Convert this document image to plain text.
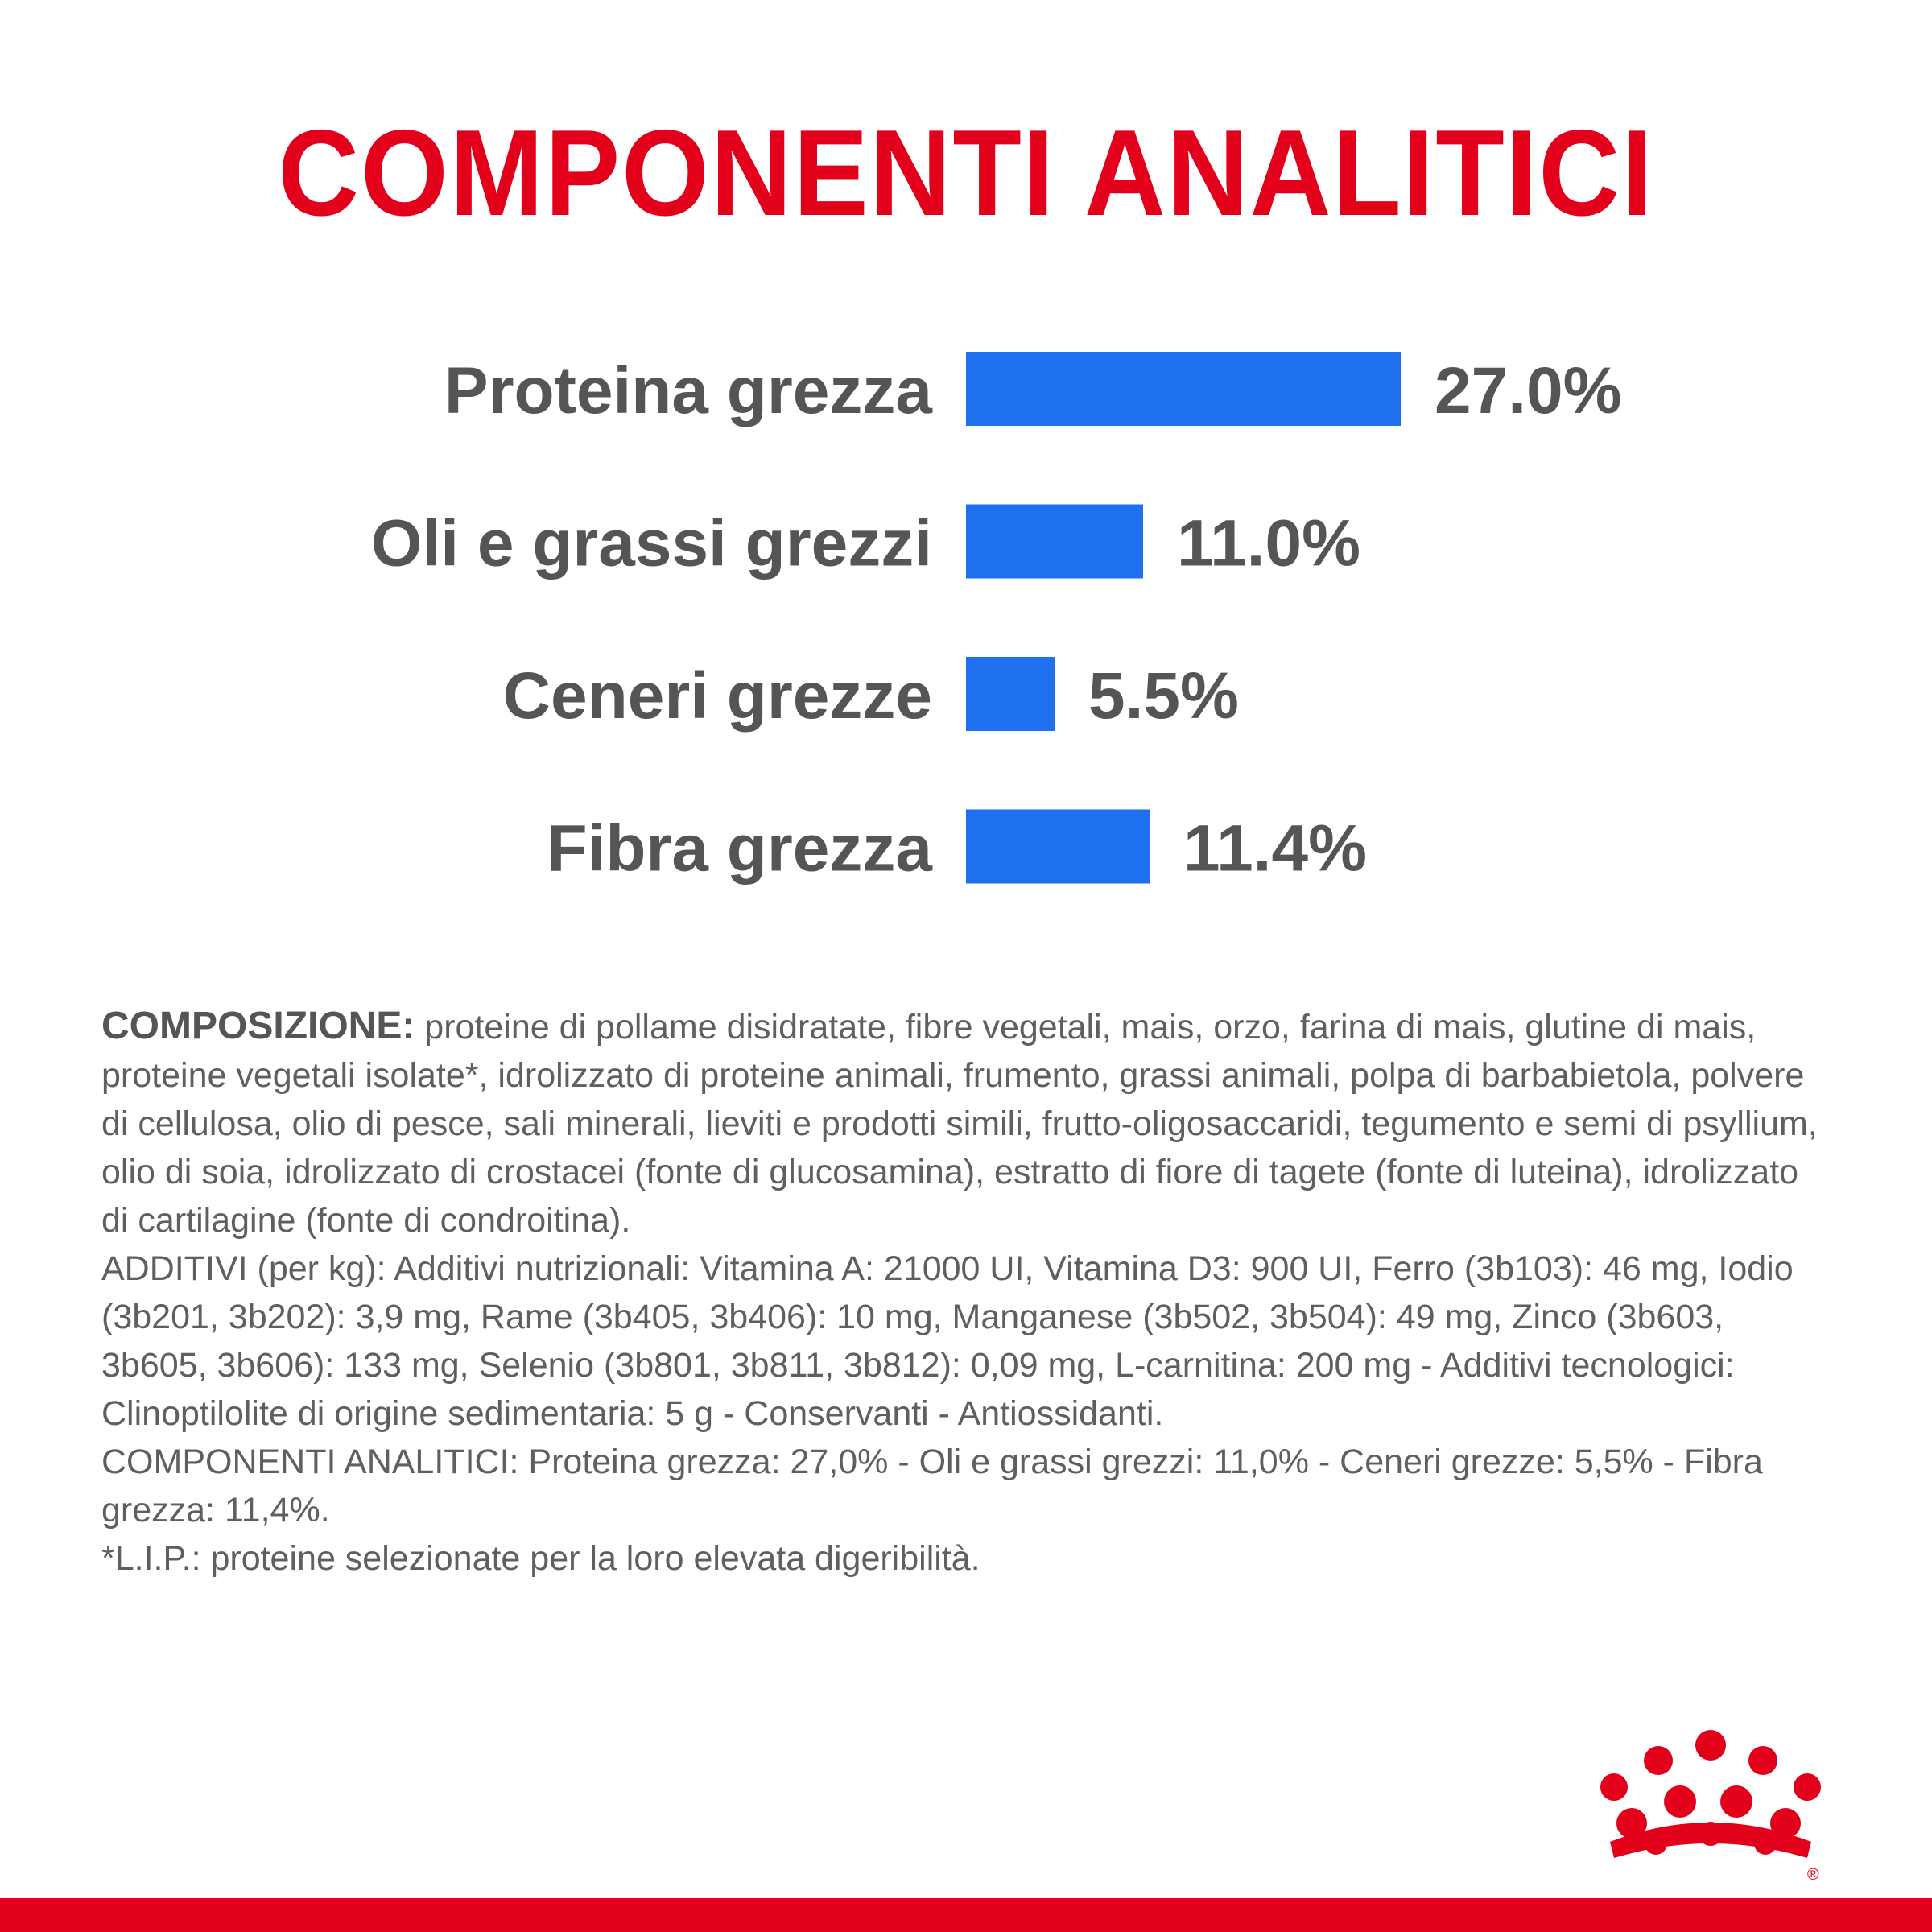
COMPONENTI ANALITICI
Proteina grezza	27.0%
Oli e grassi grezzi	11.0%
Ceneri grezze 5.5%
Fibra grezza	11.4%

COMPOSIZIONE: proteine di pollame disidratate, fibre vegetali, mais, orzo, farina di mais, glutine di mais, proteine vegetali isolate*, idrolizzato di proteine animali, frumento, grassi animali, polpa di barbabietola, polvere di cellulosa, olio di pesce, sali minerali, lieviti e prodotti simili, frutto-oligosaccaridi, tegumento e semi di psyllium, olio di soia, idrolizzato di crostacei (fonte di glucosamina), estratto di fiore di tagete (fonte di luteina), idrolizzato di cartilagine (fonte di condroitina).

ADDITIVI (per kg): Additivi nutrizionali: Vitamina A: 21000 UI, Vitamina D3: 900 UI, Ferro (3b103): 46 mg, Iodio (3b201, 3b202): 3,9 mg, Rame (3b405, 3b406): 10 mg, Manganese (3b502, 3b504): 49 mg, Zinco (3b603, 3b605, 3b606): 133 mg, Selenio (3b801, 3b811, 3b812): 0,09 mg, L-carnitina: 200 mg - Additivi tecnologici: Clinoptilolite di origine sedimentaria: 5 g - Conservanti - Antiossidanti.

COMPONENTI ANALITICI: Proteina grezza: 27,0% - Oli e grassi grezzi: 11,0% - Ceneri grezze: 5,5% - Fibra grezza: 11,4%.

*L.I.P.: proteine selezionate per la loro elevata digeribilità.

®
